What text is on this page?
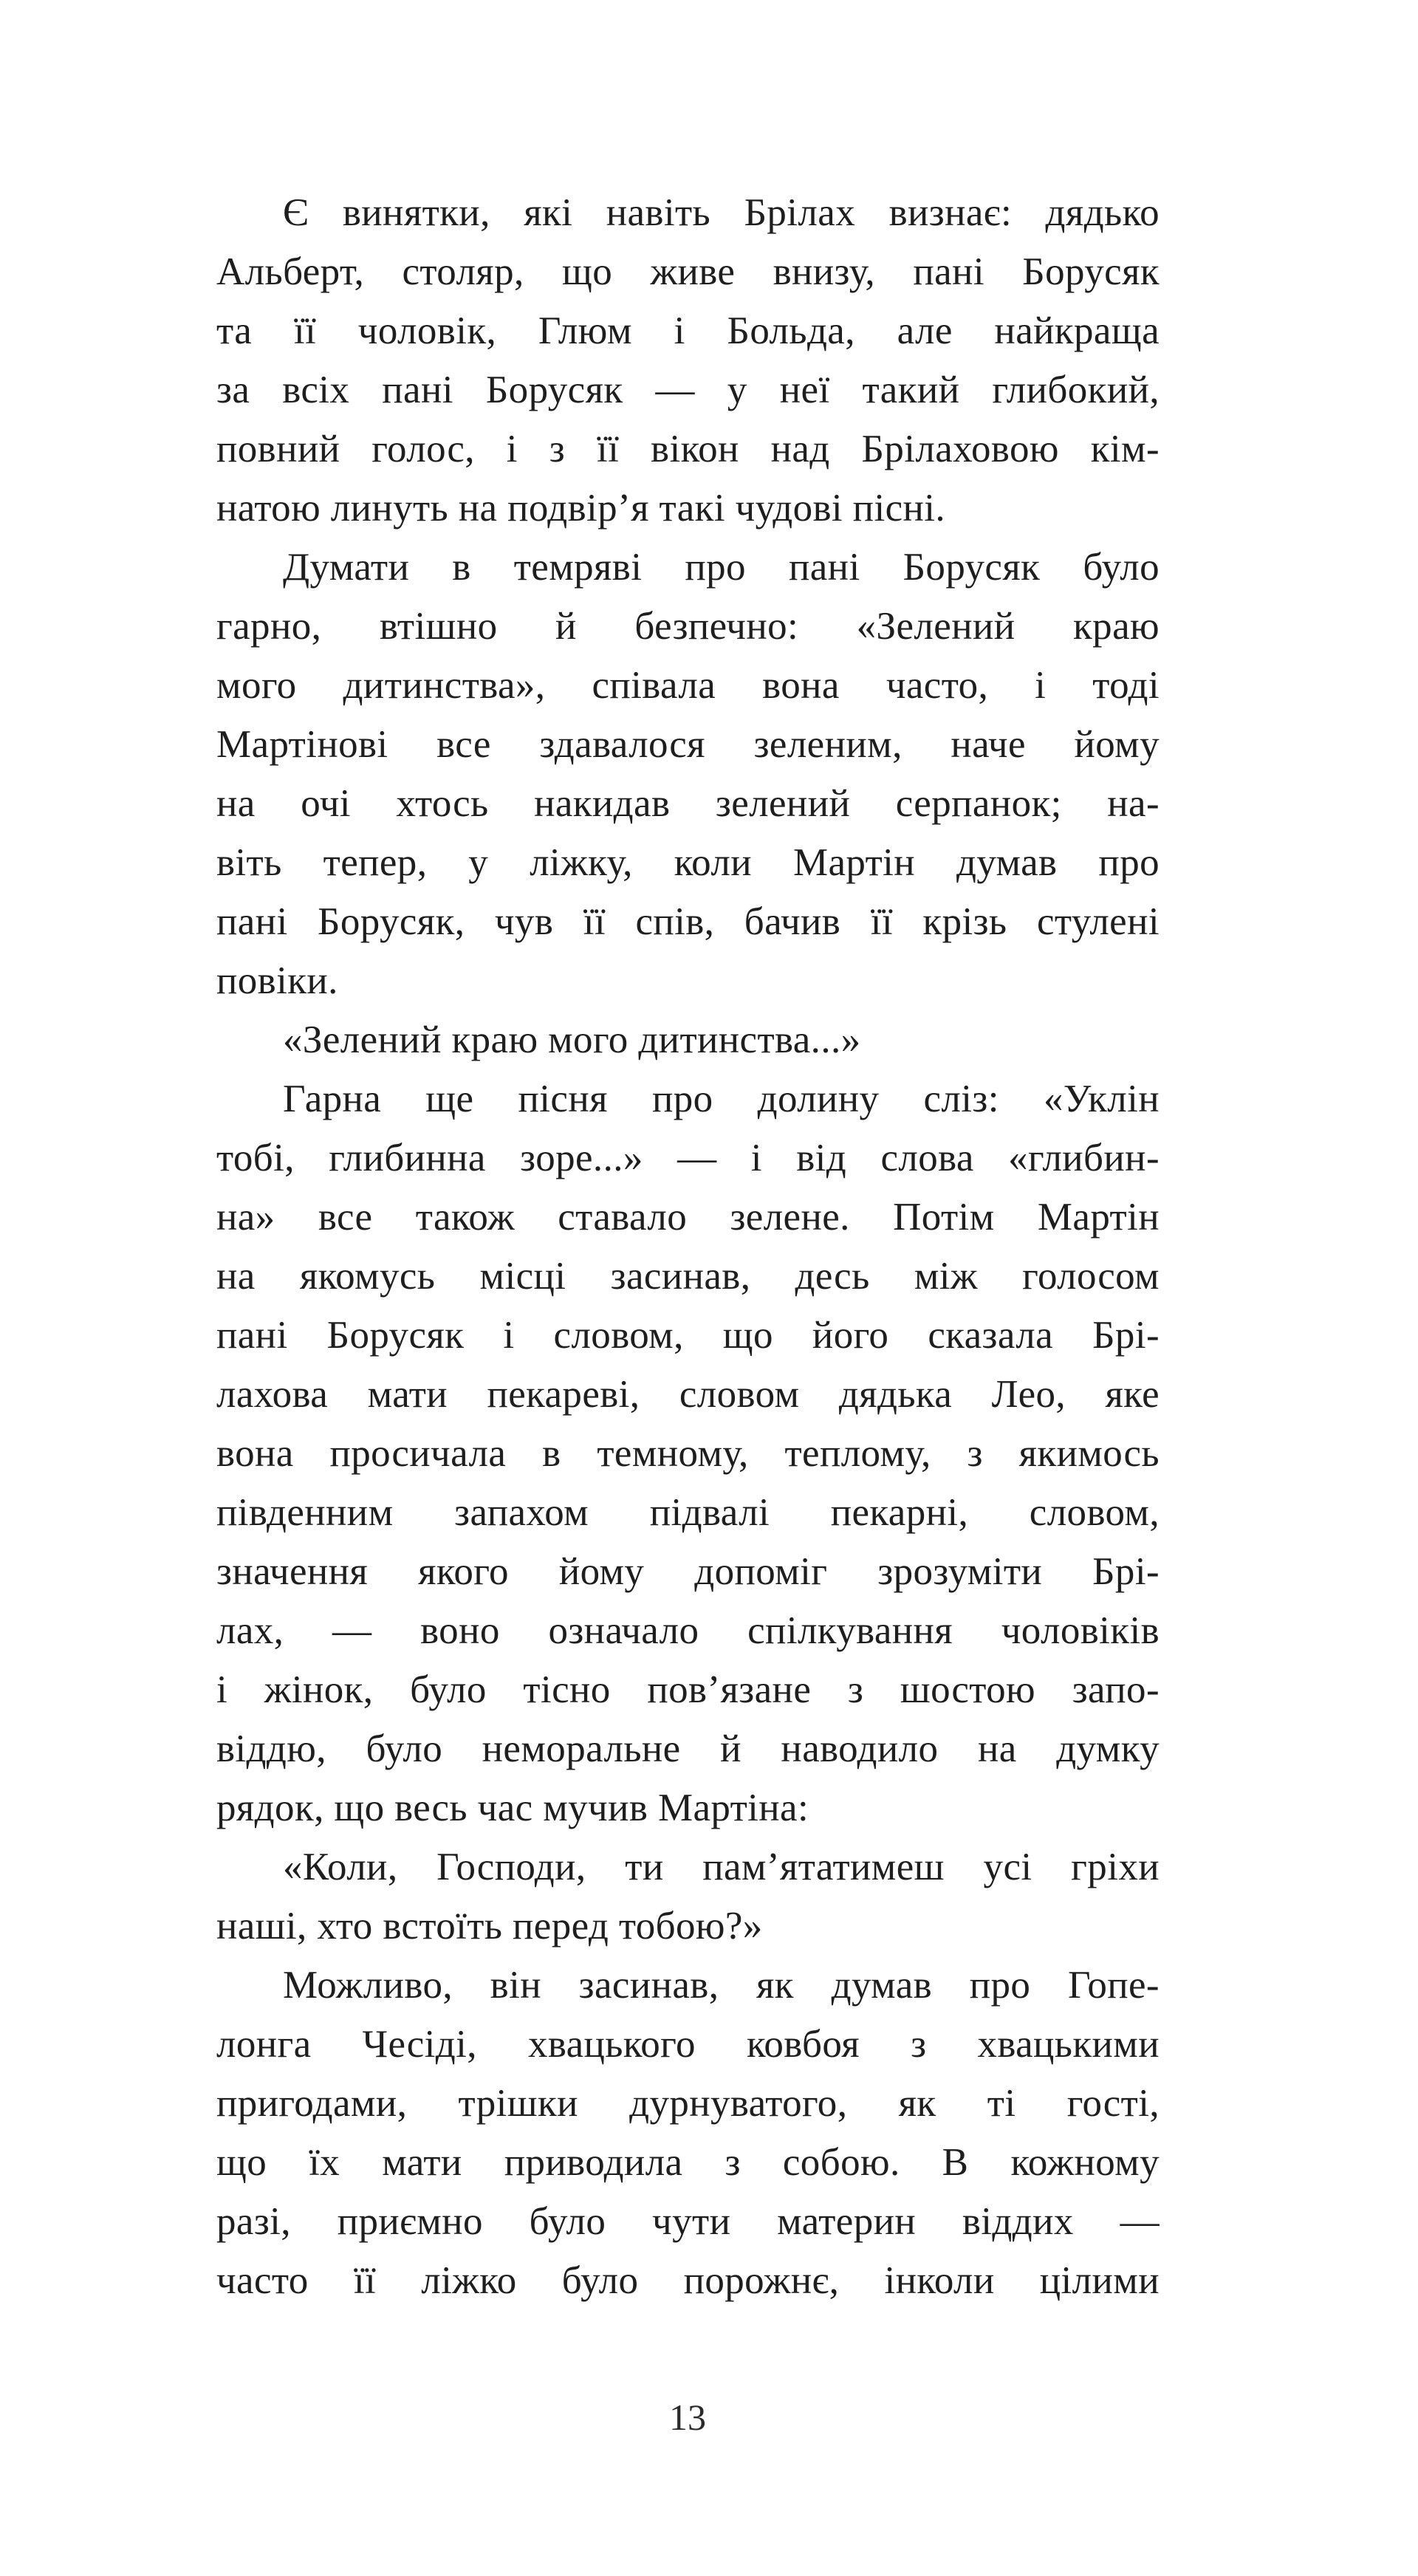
Є винятки, які навіть Брілах визнає: дядько
Альберт, столяр, що живе внизу, пані Борусяк
та її чоловік, Глюм і Больда, але найкраща
за всіх пані Борусяк — у неї такий глибокий,
повний голос, і з її вікон над Брілаховою кім-
натою линуть на подвір’я такі чудові пісні.
Думати в темряві про пані Борусяк було
гарно, втішно й безпечно: «Зелений краю
мого дитинства», співала вона часто, і тоді
Мартінові все здавалося зеленим, наче йому
на очі хтось накидав зелений серпанок; на-
віть тепер, у ліжку, коли Мартін думав про
пані Борусяк, чув її спів, бачив її крізь стулені
повіки.
«Зелений краю мого дитинства...»
Гарна ще пісня про долину сліз: «Уклін
тобі, глибинна зоре...» — і від слова «глибин-
на» все також ставало зелене. Потім Мартін
на якомусь місці засинав, десь між голосом
пані Борусяк і словом, що його сказала Брі-
лахова мати пекареві, словом дядька Лео, яке
вона просичала в темному, теплому, з якимось
південним запахом підвалі пекарні, словом,
значення якого йому допоміг зрозуміти Брі-
лах, — воно означало спілкування чоловіків
і жінок, було тісно пов’язане з шостою запо-
віддю, було неморальне й наводило на думку
рядок, що весь час мучив Мартіна:
«Коли, Господи, ти пам’ятатимеш усі гріхи
наші, хто встоїть перед тобою?»
Можливо, він засинав, як думав про Гопе-
лонга Чесіді, хвацького ковбоя з хвацькими
пригодами, трішки дурнуватого, як ті гості,
що їх мати приводила з собою. В кожному
разі, приємно було чути материн віддих —
часто її ліжко було порожнє, інколи цілими
13
